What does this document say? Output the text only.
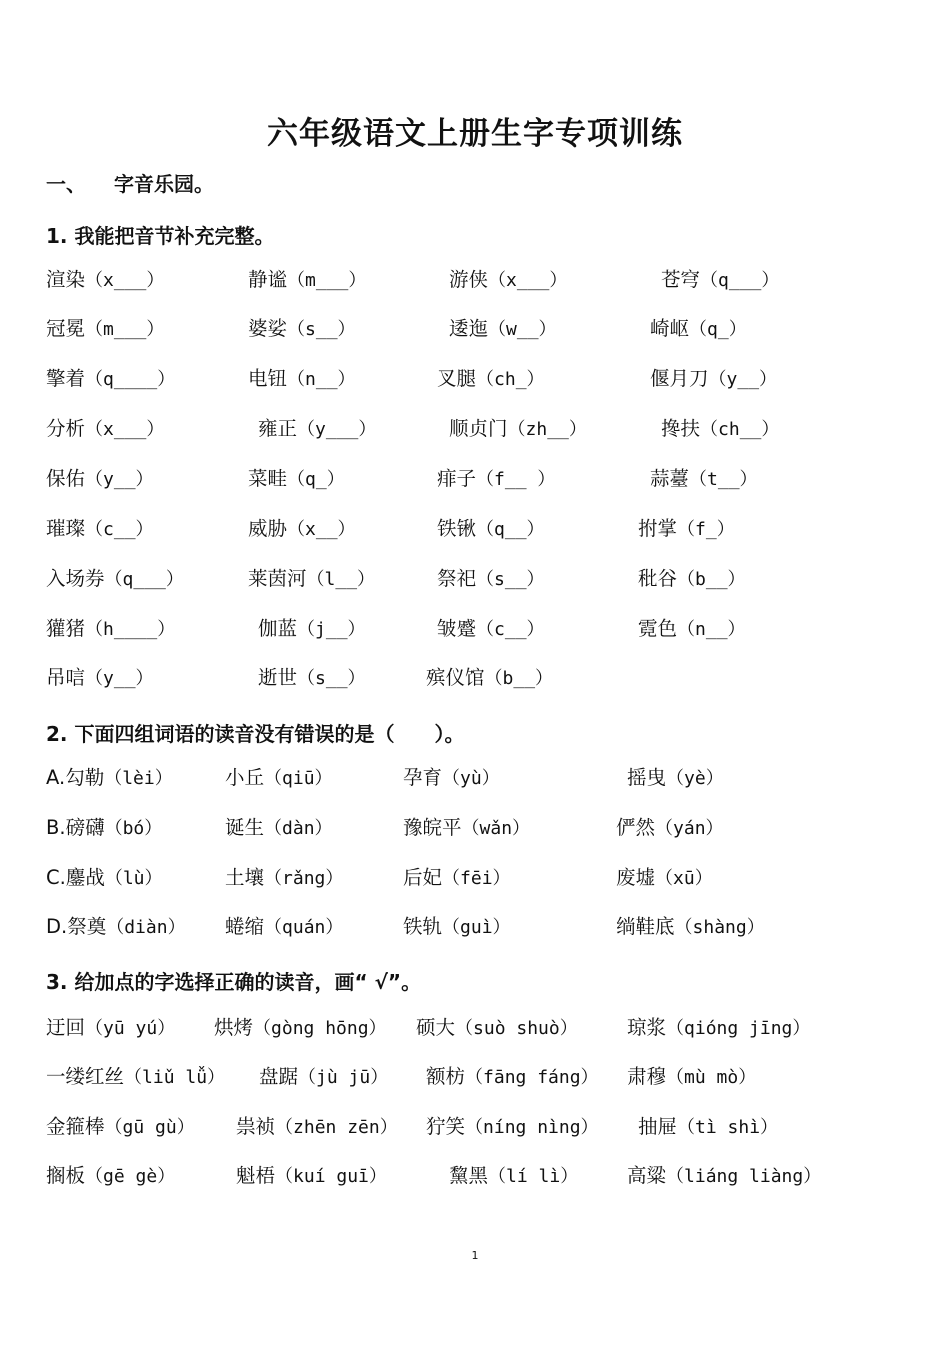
六年级语文上册生字专项训练
一、 字音乐园。
1. 我能把音节补充完整。
渲染（x___）	静谧（m___）	游侠（x___）	苍穹（q___）
冠冕（m___）	婆娑（s__）	逶迤（w__）	崎岖（q_）
擎着（q____）	电钮（n__）	叉腿（ch_）	偃月刀（y__）
分析（x___）	雍正（y___）	顺贞门（zh__）	搀扶（ch__）
保佑（y__）	菜畦（q_）	痱子（f__ ）	蒜薹（t__）
璀璨（c__）	威胁（x__）	铁锹（q__）	拊掌（f_）
入场券（q___）	莱茵河（l__）	祭祀（s__）	秕谷（b__）
獾猪（h____）	伽蓝（j__）	皱蹙（c__）	霓色（n__）
吊唁（y__）	逝世（s__）	殡仪馆（b__）
2. 下面四组词语的读音没有错误的是（　　）。
A.勾勒（lèi）	小丘（qiū）	孕育（yù）	摇曳（yè）
B.磅礴（bó）	诞生（dàn）	豫皖平（wǎn）	俨然（yán）
C.鏖战（lù）	土壤（rǎng）	后妃（fēi）	废墟（xū）
D.祭奠（diàn） 蜷缩（quán）	铁轨（guì）	绱鞋底（shàng）
3. 给加点的字选择正确的读音，画“ √”。
迂回（yū yú） 烘烤（gòng hōng） 硕大（suò shuò）	琼浆（qióng jīng）
一缕红丝（liǔ lǚ） 盘踞（jù jū） 额枋（fāng fáng） 肃穆（mù mò）
金箍棒（gū gù） 祟祯（zhēn zēn） 狞笑（níng nìng） 抽屉（tì shì）
搁板（gē gè）	魁梧（kuí guī）	黧黑（lí lì）	高粱（liáng liàng）
1
